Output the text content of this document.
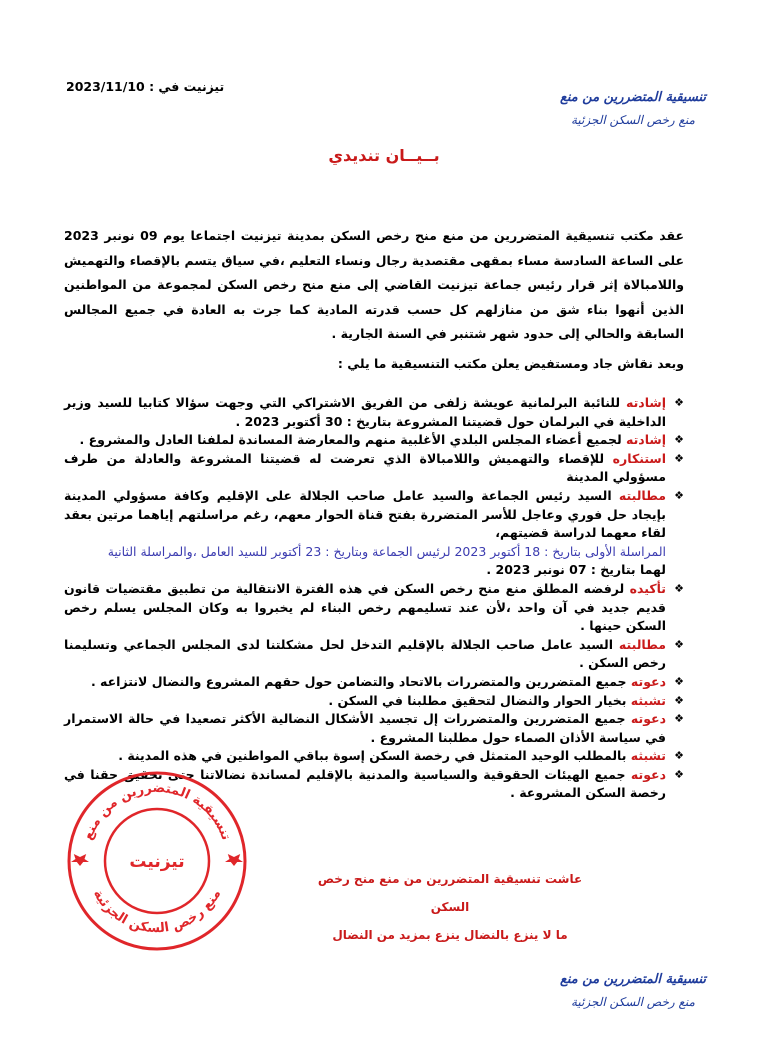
تنسيقية المتضررين من منع
منع رخص السكن الجزئية
تيزنيت في : 2023/11/10
بــيــان تنديدي

عقد مكتب تنسيقية المتضررين من منع منح رخص السكن بمدينة تيزنيت اجتماعا يوم 09 نونبر 2023 على الساعة السادسة مساء بمقهى مقتصدية رجال ونساء التعليم ،في سياق يتسم بالإقصاء والتهميش واللامبالاة إثر قرار رئيس جماعة تيزنيت القاضي إلى منع منح رخص السكن لمجموعة من المواطنين الذين أنهوا بناء شق من منازلهم كل حسب قدرته المادية كما جرت به العادة في جميع المجالس السابقة والحالي إلى حدود شهر شتنبر في السنة الجارية .

وبعد نقاش جاد ومستفيض يعلن مكتب التنسيقية ما يلي :
❖ إشادته للنائبة البرلمانية عويشة زلفى من الفريق الاشتراكي التي وجهت سؤالا كتابيا للسيد وزير الداخلية في البرلمان حول قضيتنا المشروعة بتاريخ : 30 أكتوبر 2023 .
❖ إشادته لجميع أعضاء المجلس البلدي الأغلبية منهم والمعارضة المساندة لملفنا العادل والمشروع .
❖ استنكاره للإقصاء والتهميش واللامبالاة الذي تعرضت له قضيتنا المشروعة والعادلة من طرف مسؤولي المدينة
❖ مطالبته السيد رئيس الجماعة والسيد عامل صاحب الجلالة على الإقليم وكافة مسؤولي المدينة بإيجاد حل فوري وعاجل للأسر المتضررة بفتح قناة الحوار معهم، رغم مراسلتهم إياهما مرتين بعقد لقاء معهما لدراسة قضيتهم،
المراسلة الأولى بتاريخ : 18 أكتوبر 2023 لرئيس الجماعة وبتاريخ : 23 أكتوبر للسيد العامل ،والمراسلة الثانية
لهما بتاريخ : 07 نونبر 2023 .
❖ تأكيده لرفضه المطلق منع منح رخص السكن في هذه الفترة الانتقالية من تطبيق مقتضيات قانون قديم جديد في آن واحد ،لأن عند تسليمهم رخص البناء لم يخبروا به وكان المجلس يسلم رخص السكن حينها .
❖ مطالبته السيد عامل صاحب الجلالة بالإقليم التدخل لحل مشكلتنا لدى المجلس الجماعي وتسليمنا رخص السكن .
❖ دعوته جميع المتضررين والمتضررات بالاتحاد والتضامن حول حقهم المشروع والنضال لانتزاعه .
❖ تشبثه بخيار الحوار والنضال لتحقيق مطلبنا في السكن .
❖ دعوته جميع المتضررين والمتضررات إل تجسيد الأشكال النضالية الأكثر تصعيدا في حالة الاستمرار في سياسة الأذان الصماء حول مطلبنا المشروع .
❖ تشبثه بالمطلب الوحيد المتمثل في رخصة السكن إسوة بباقي المواطنين في هذه المدينة .
❖ دعوته جميع الهيئات الحقوقية والسياسية والمدنية بالإقليم لمساندة نضالاتنا حتى تحقيق حقنا في رخصة السكن المشروعة .
تنسيقية المتضررين من منع
منع رخص السكن الجزئية
تيزنيت
عاشت تنسيقية المتضررين من منع منح رخص السكن
ما لا ينزع بالنضال ينزع بمزيد من النضال
تنسيقية المتضررين من منع
منع رخص السكن الجزئية
